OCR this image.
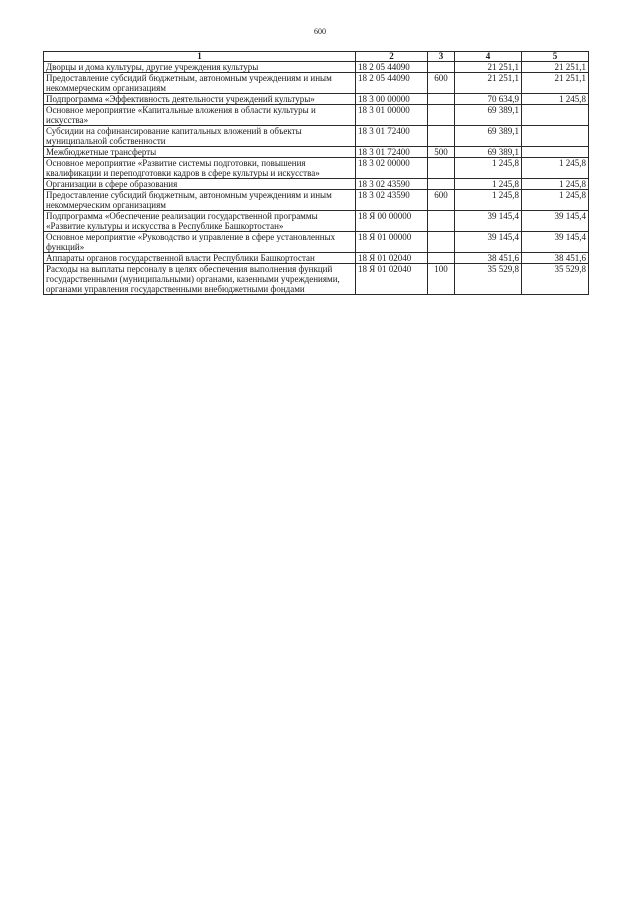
600
1	2	3	4	5
Дворцы и дома культуры, другие учреждения культуры	18 2 05 44090		21 251,1	21 251,1
Предоставление субсидий бюджетным, автономным учреждениям и иным некоммерческим организациям	18 2 05 44090	600	21 251,1	21 251,1
Подпрограмма «Эффективность деятельности учреждений культуры»	18 3 00 00000		70 634,9	1 245,8
Основное мероприятие «Капитальные вложения в области культуры и искусства»	18 3 01 00000		69 389,1	
Субсидии на софинансирование капитальных вложений в объекты муниципальной собственности	18 3 01 72400		69 389,1	
Межбюджетные трансферты	18 3 01 72400	500	69 389,1	
Основное мероприятие «Развитие системы подготовки, повышения квалификации и переподготовки кадров в сфере культуры и искусства»	18 3 02 00000		1 245,8	1 245,8
Организации в сфере образования	18 3 02 43590		1 245,8	1 245,8
Предоставление субсидий бюджетным, автономным учреждениям и иным некоммерческим организациям	18 3 02 43590	600	1 245,8	1 245,8
Подпрограмма «Обеспечение реализации государственной программы «Развитие культуры и искусства в Республике Башкортостан»	18 Я 00 00000		39 145,4	39 145,4
Основное мероприятие «Руководство и управление в сфере установленных функций»	18 Я 01 00000		39 145,4	39 145,4
Аппараты органов государственной власти Республики Башкортостан	18 Я 01 02040		38 451,6	38 451,6
Расходы на выплаты персоналу в целях обеспечения выполнения функций государственными (муниципальными) органами, казенными учреждениями, органами управления государственными внебюджетными фондами	18 Я 01 02040	100	35 529,8	35 529,8
